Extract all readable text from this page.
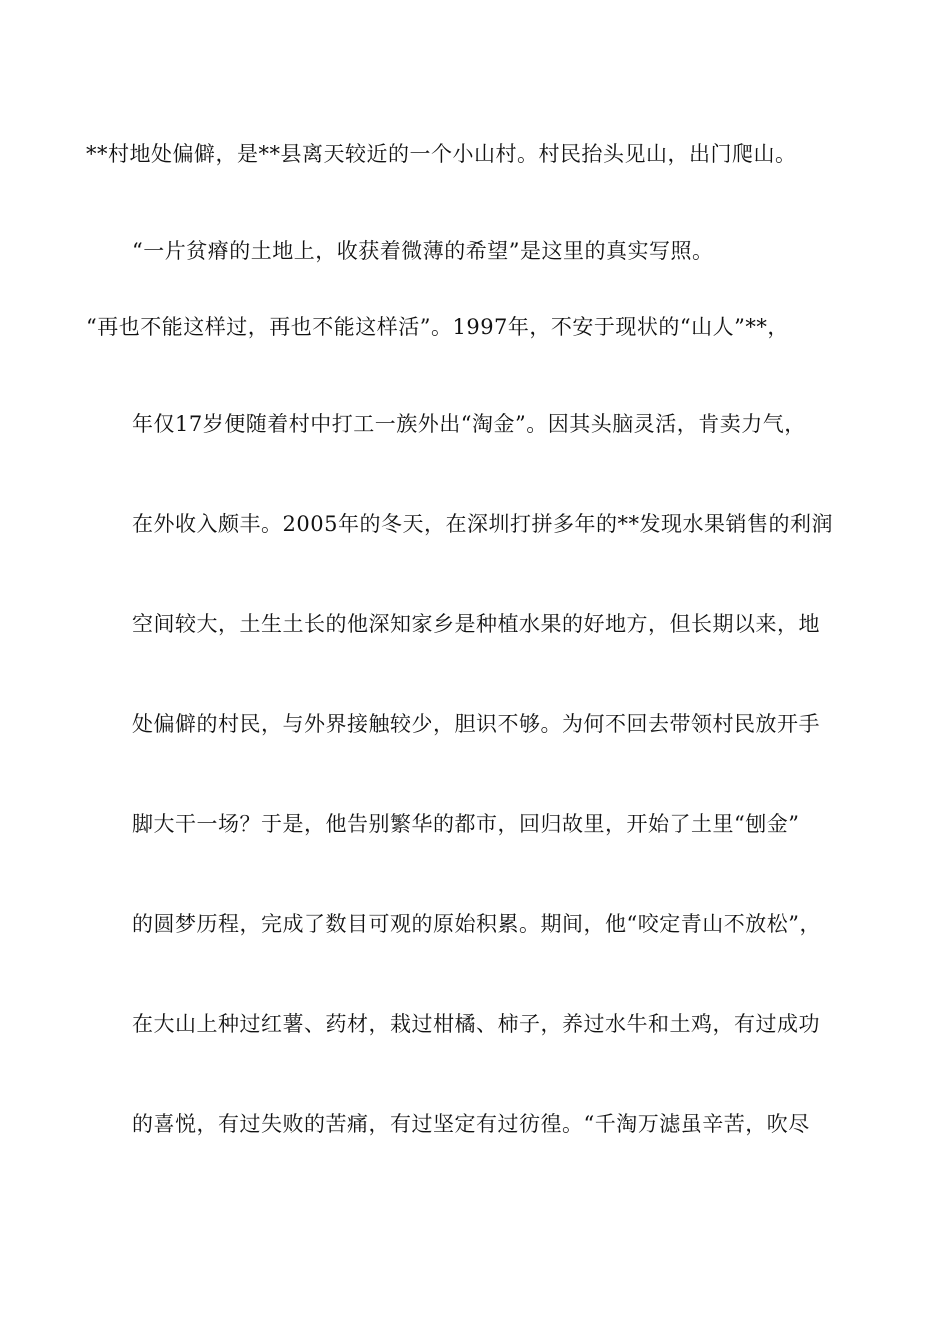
**村地处偏僻，是**县离天较近的一个小山村。村民抬头见山，出门爬山。
“一片贫瘠的土地上，收获着微薄的希望”是这里的真实写照。
“再也不能这样过，再也不能这样活”。1997年，不安于现状的“山人”**，
年仅17岁便随着村中打工一族外出“淘金”。因其头脑灵活，肯卖力气，
在外收入颇丰。2005年的冬天，在深圳打拼多年的**发现水果销售的利润
空间较大，土生土长的他深知家乡是种植水果的好地方，但长期以来，地
处偏僻的村民，与外界接触较少，胆识不够。为何不回去带领村民放开手
脚大干一场？于是，他告别繁华的都市，回归故里，开始了土里“刨金”
的圆梦历程，完成了数目可观的原始积累。期间，他“咬定青山不放松”，
在大山上种过红薯、药材，栽过柑橘、柿子，养过水牛和土鸡，有过成功
的喜悦，有过失败的苦痛，有过坚定有过彷徨。“千淘万滤虽辛苦，吹尽
